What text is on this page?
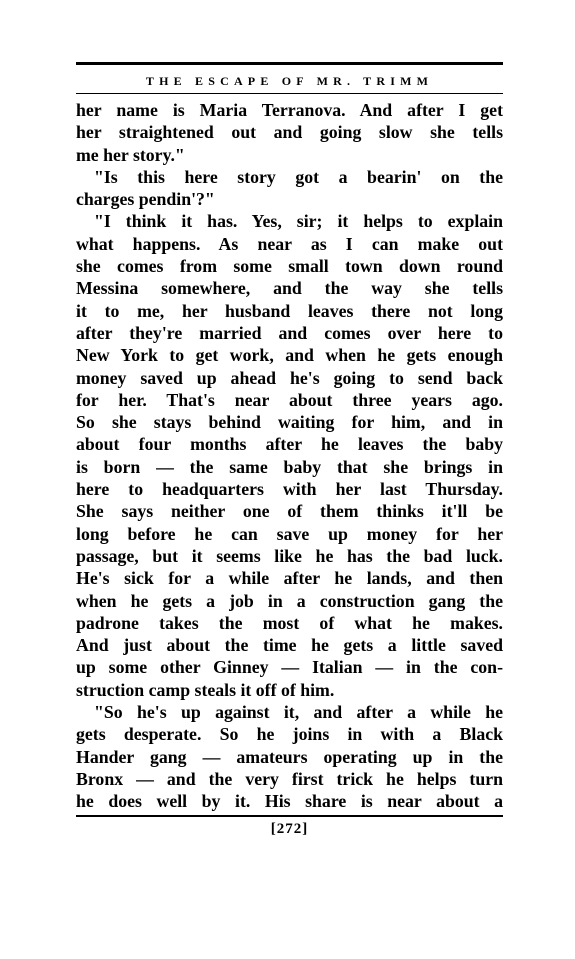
THE ESCAPE OF MR. TRIMM
her name is Maria Terranova. And after I get
her straightened out and going slow she tells
me her story."
"Is this here story got a bearin' on the
charges pendin'?"
"I think it has. Yes, sir; it helps to explain
what happens. As near as I can make out
she comes from some small town down round
Messina somewhere, and the way she tells
it to me, her husband leaves there not long
after they're married and comes over here to
New York to get work, and when he gets enough
money saved up ahead he's going to send back
for her. That's near about three years ago.
So she stays behind waiting for him, and in
about four months after he leaves the baby
is born — the same baby that she brings in
here to headquarters with her last Thursday.
She says neither one of them thinks it'll be
long before he can save up money for her
passage, but it seems like he has the bad luck.
He's sick for a while after he lands, and then
when he gets a job in a construction gang the
padrone takes the most of what he makes.
And just about the time he gets a little saved
up some other Ginney — Italian — in the con-
struction camp steals it off of him.
"So he's up against it, and after a while he
gets desperate. So he joins in with a Black
Hander gang — amateurs operating up in the
Bronx — and the very first trick he helps turn
he does well by it. His share is near about a
[272]
